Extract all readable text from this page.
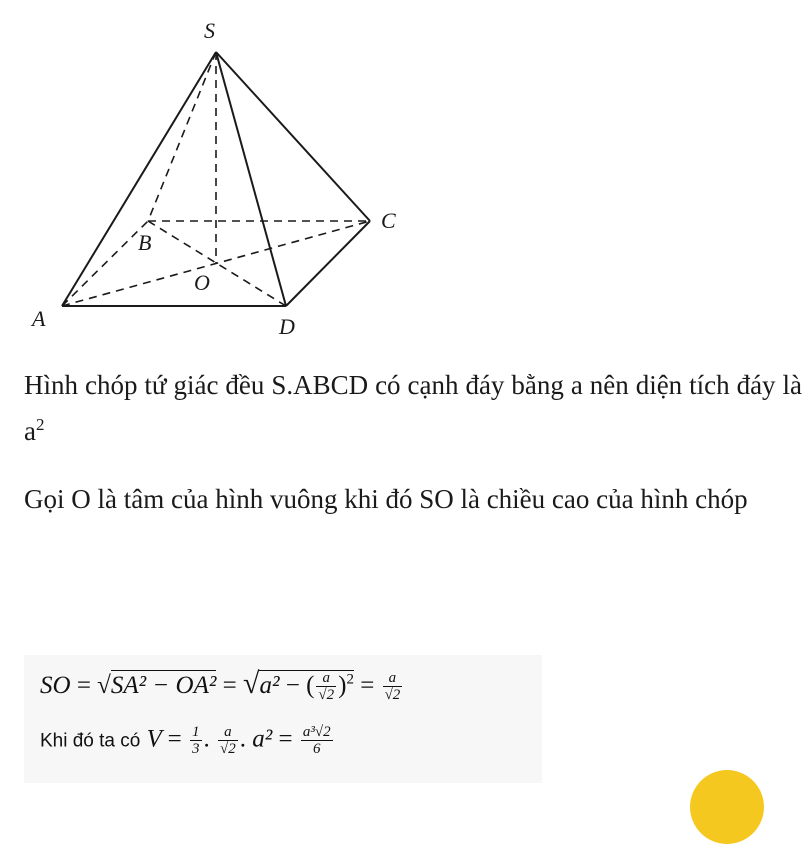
S
A
B
C
D
O
Hình chóp tứ giác đều S.ABCD có cạnh đáy bằng a nên diện tích đáy là $a^2$
Gọi O là tâm của hình vuông khi đó SO là chiều cao của hình chóp
SO = √SA² − OA² = √a² − ( $\frac{a}{√2} )^2 = \frac{a}{√2}$
Khi đó ta có $V = \frac{1}{3}$ . $\frac{a}{√2}$ . $a^2 = \frac{\text{a³√2}}{6}$
